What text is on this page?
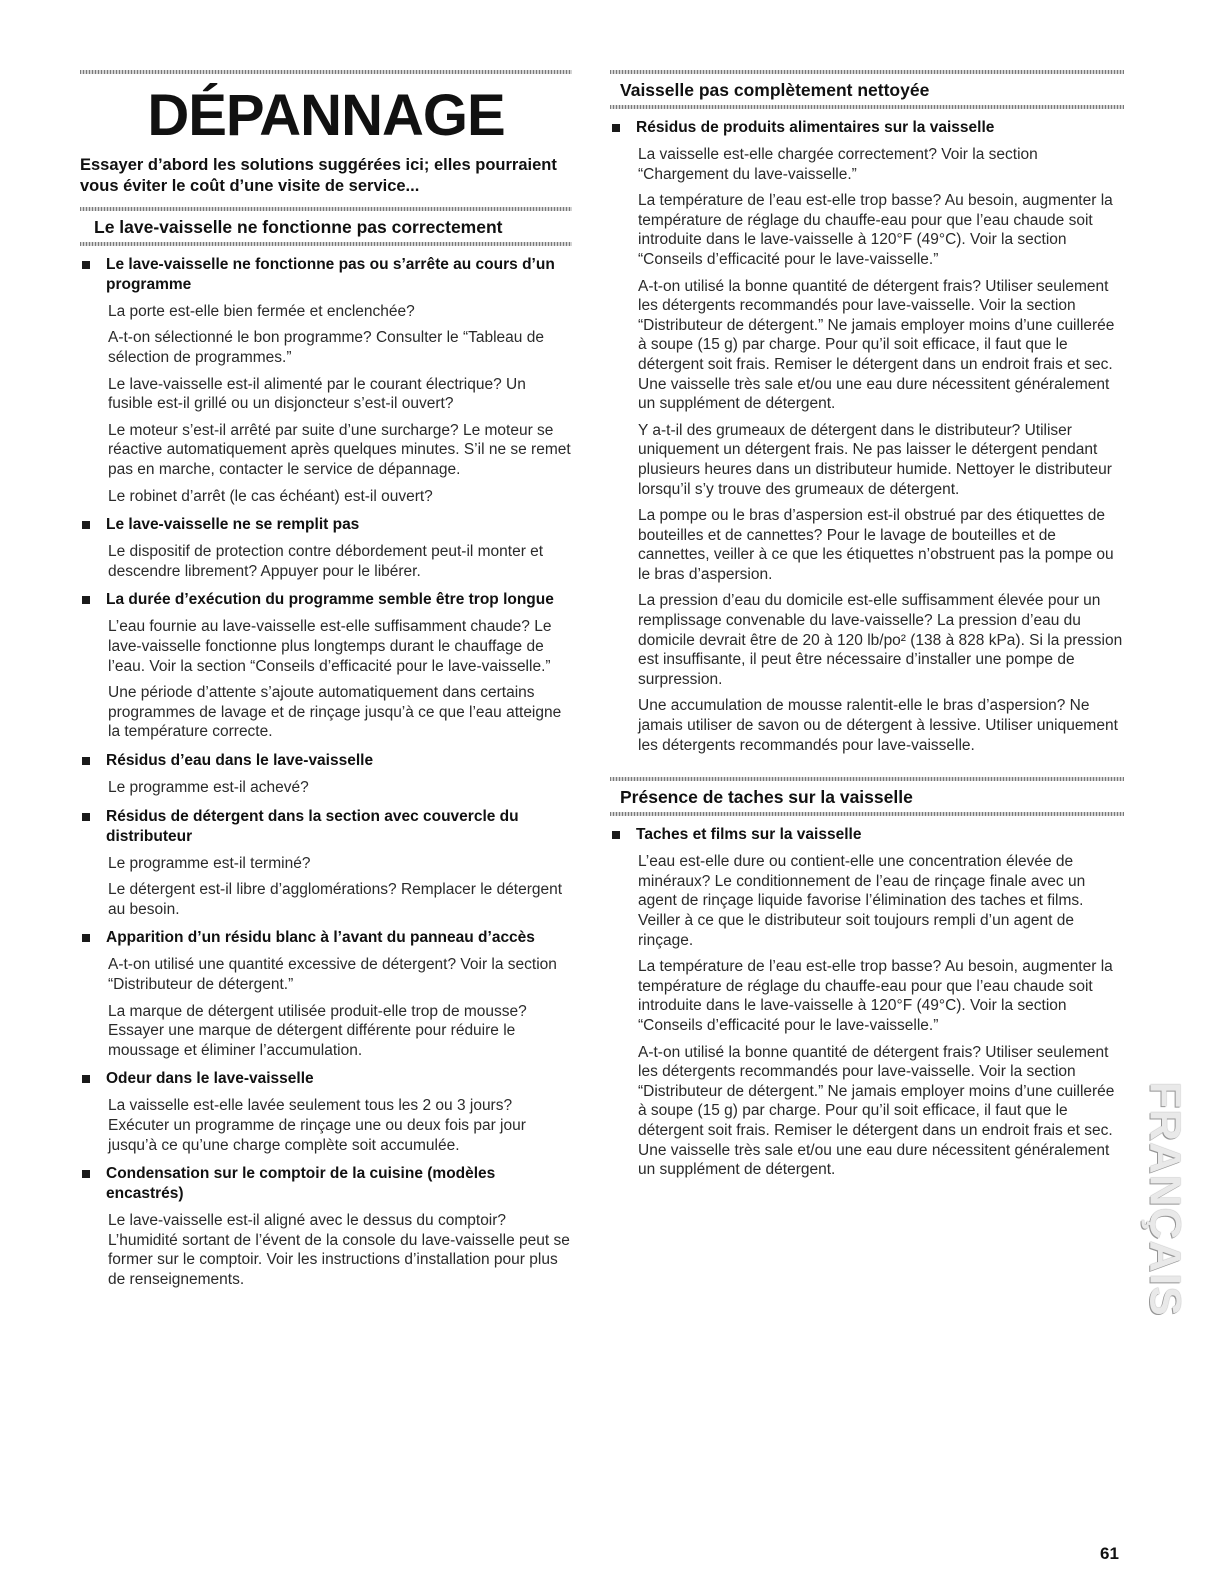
DÉPANNAGE
Essayer d’abord les solutions suggérées ici; elles pourraient vous éviter le coût d’une visite de service...
Le lave-vaisselle ne fonctionne pas correctement
Le lave-vaisselle ne fonctionne pas ou s’arrête au cours d’un programme
La porte est-elle bien fermée et enclenchée?
A-t-on sélectionné le bon programme? Consulter le “Tableau de sélection de programmes.”
Le lave-vaisselle est-il alimenté par le courant électrique? Un fusible est-il grillé ou un disjoncteur s’est-il ouvert?
Le moteur s’est-il arrêté par suite d’une surcharge? Le moteur se réactive automatiquement après quelques minutes. S’il ne se remet pas en marche, contacter le service de dépannage.
Le robinet d’arrêt (le cas échéant) est-il ouvert?
Le lave-vaisselle ne se remplit pas
Le dispositif de protection contre débordement peut-il monter et descendre librement? Appuyer pour le libérer.
La durée d’exécution du programme semble être trop longue
L’eau fournie au lave-vaisselle est-elle suffisamment chaude? Le lave-vaisselle fonctionne plus longtemps durant le chauffage de l’eau. Voir la section “Conseils d’efficacité pour le lave-vaisselle.”
Une période d’attente s’ajoute automatiquement dans certains programmes de lavage et de rinçage jusqu’à ce que l’eau atteigne la température correcte.
Résidus d’eau dans le lave-vaisselle
Le programme est-il achevé?
Résidus de détergent dans la section avec couvercle du distributeur
Le programme est-il terminé?
Le détergent est-il libre d’agglomérations? Remplacer le détergent au besoin.
Apparition d’un résidu blanc à l’avant du panneau d’accès
A-t-on utilisé une quantité excessive de détergent? Voir la section “Distributeur de détergent.”
La marque de détergent utilisée produit-elle trop de mousse? Essayer une marque de détergent différente pour réduire le moussage et éliminer l’accumulation.
Odeur dans le lave-vaisselle
La vaisselle est-elle lavée seulement tous les 2 ou 3 jours? Exécuter un programme de rinçage une ou deux fois par jour jusqu’à ce qu’une charge complète soit accumulée.
Condensation sur le comptoir de la cuisine (modèles encastrés)
Le lave-vaisselle est-il aligné avec le dessus du comptoir? L’humidité sortant de l’évent de la console du lave-vaisselle peut se former sur le comptoir. Voir les instructions d’installation pour plus de renseignements.
Vaisselle pas complètement nettoyée
Résidus de produits alimentaires sur la vaisselle
La vaisselle est-elle chargée correctement? Voir la section “Chargement du lave-vaisselle.”
La température de l’eau est-elle trop basse? Au besoin, augmenter la température de réglage du chauffe-eau pour que l’eau chaude soit introduite dans le lave-vaisselle à 120°F (49°C). Voir la section “Conseils d’efficacité pour le lave-vaisselle.”
A-t-on utilisé la bonne quantité de détergent frais? Utiliser seulement les détergents recommandés pour lave-vaisselle. Voir la section “Distributeur de détergent.” Ne jamais employer moins d’une cuillerée à soupe (15 g) par charge. Pour qu’il soit efficace, il faut que le détergent soit frais. Remiser le détergent dans un endroit frais et sec. Une vaisselle très sale et/ou une eau dure nécessitent généralement un supplément de détergent.
Y a-t-il des grumeaux de détergent dans le distributeur? Utiliser uniquement un détergent frais. Ne pas laisser le détergent pendant plusieurs heures dans un distributeur humide. Nettoyer le distributeur lorsqu’il s’y trouve des grumeaux de détergent.
La pompe ou le bras d’aspersion est-il obstrué par des étiquettes de bouteilles et de cannettes? Pour le lavage de bouteilles et de cannettes, veiller à ce que les étiquettes n’obstruent pas la pompe ou le bras d’aspersion.
La pression d’eau du domicile est-elle suffisamment élevée pour un remplissage convenable du lave-vaisselle? La pression d’eau du domicile devrait être de 20 à 120 lb/po² (138 à 828 kPa). Si la pression est insuffisante, il peut être nécessaire d’installer une pompe de surpression.
Une accumulation de mousse ralentit-elle le bras d’aspersion? Ne jamais utiliser de savon ou de détergent à lessive. Utiliser uniquement les détergents recommandés pour lave-vaisselle.
Présence de taches sur la vaisselle
Taches et films sur la vaisselle
L’eau est-elle dure ou contient-elle une concentration élevée de minéraux? Le conditionnement de l’eau de rinçage finale avec un agent de rinçage liquide favorise l’élimination des taches et films. Veiller à ce que le distributeur soit toujours rempli d’un agent de rinçage.
La température de l’eau est-elle trop basse? Au besoin, augmenter la température de réglage du chauffe-eau pour que l’eau chaude soit introduite dans le lave-vaisselle à 120°F (49°C). Voir la section “Conseils d’efficacité pour le lave-vaisselle.”
A-t-on utilisé la bonne quantité de détergent frais? Utiliser seulement les détergents recommandés pour lave-vaisselle. Voir la section “Distributeur de détergent.” Ne jamais employer moins d’une cuillerée à soupe (15 g) par charge. Pour qu’il soit efficace, il faut que le détergent soit frais. Remiser le détergent dans un endroit frais et sec. Une vaisselle très sale et/ou une eau dure nécessitent généralement un supplément de détergent.	FRANÇAIS
61
